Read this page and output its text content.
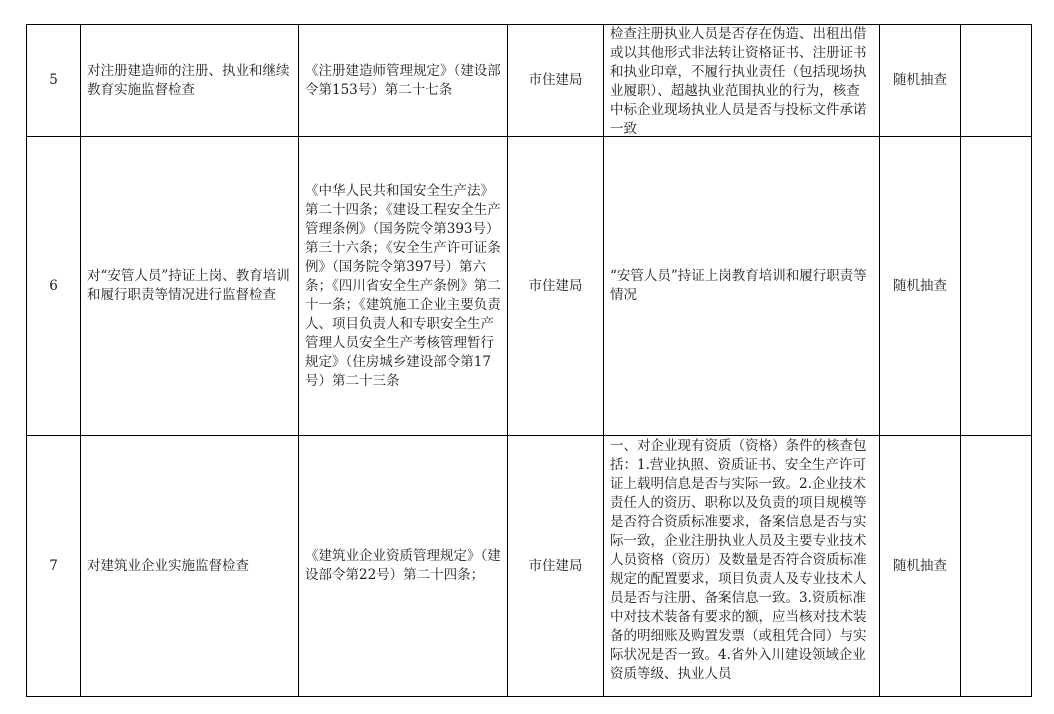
5	对注册建造师的注册、执业和继续教育实施监督检查	《注册建造师管理规定》（建设部令第153号）第二十七条	市住建局	检查注册执业人员是否存在伪造、出租出借或以其他形式非法转让资格证书、注册证书和执业印章，不履行执业责任（包括现场执业履职）、超越执业范围执业的行为，核查中标企业现场执业人员是否与投标文件承诺一致	随机抽查	
6	对“安管人员”持证上岗、教育培训和履行职责等情况进行监督检查	《中华人民共和国安全生产法》第二十四条；《建设工程安全生产管理条例》（国务院令第393号）第三十六条；《安全生产许可证条例》（国务院令第397号）第六条；《四川省安全生产条例》第二十一条；《建筑施工企业主要负责人、项目负责人和专职安全生产管理人员安全生产考核管理暂行规定》（住房城乡建设部令第17号）第二十三条	市住建局	“安管人员”持证上岗教育培训和履行职责等情况	随机抽查	
7	对建筑业企业实施监督检查	《建筑业企业资质管理规定》（建设部令第22号）第二十四条；	市住建局	一、对企业现有资质（资格）条件的核查包括：1.营业执照、资质证书、安全生产许可证上载明信息是否与实际一致。2.企业技术责任人的资历、职称以及负责的项目规模等是否符合资质标准要求，备案信息是否与实际一致，企业注册执业人员及主要专业技术人员资格（资历）及数量是否符合资质标准规定的配置要求，项目负责人及专业技术人员是否与注册、备案信息一致。3.资质标准中对技术装备有要求的额，应当核对技术装备的明细账及购置发票（或租凭合同）与实际状况是否一致。4.省外入川建设领域企业资质等级、执业人员	随机抽查	
